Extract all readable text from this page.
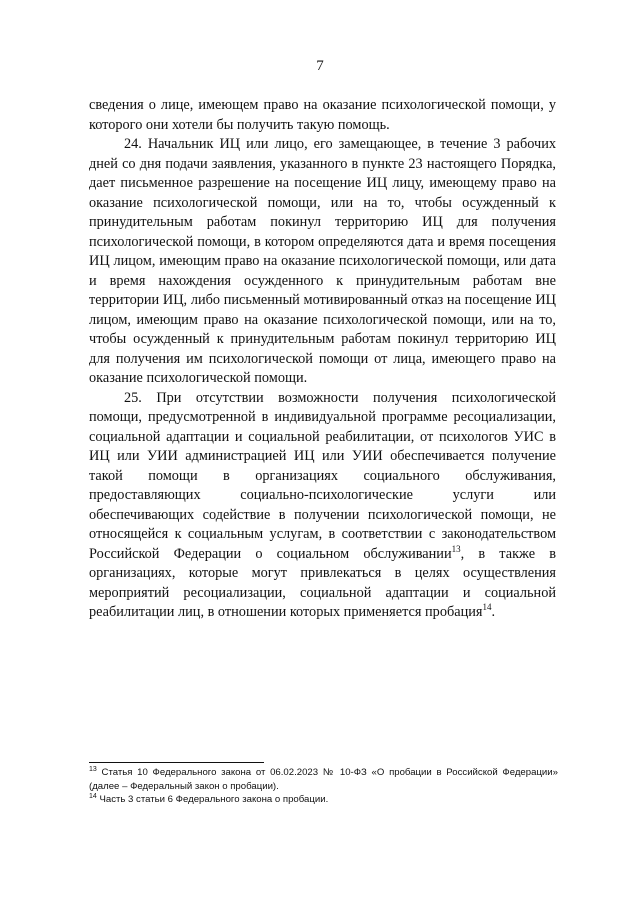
7

сведения о лице, имеющем право на оказание психологической помощи, у которого они хотели бы получить такую помощь.

24. Начальник ИЦ или лицо, его замещающее, в течение 3 рабочих дней со дня подачи заявления, указанного в пункте 23 настоящего Порядка, дает письменное разрешение на посещение ИЦ лицу, имеющему право на оказание психологической помощи, или на то, чтобы осужденный к принудительным работам покинул территорию ИЦ для получения психологической помощи, в котором определяются дата и время посещения ИЦ лицом, имеющим право на оказание психологической помощи, или дата и время нахождения осужденного к принудительным работам вне территории ИЦ, либо письменный мотивированный отказ на посещение ИЦ лицом, имеющим право на оказание психологической помощи, или на то, чтобы осужденный к принудительным работам покинул территорию ИЦ для получения им психологической помощи от лица, имеющего право на оказание психологической помощи.

25. При отсутствии возможности получения психологической помощи, предусмотренной в индивидуальной программе ресоциализации, социальной адаптации и социальной реабилитации, от психологов УИС в ИЦ или УИИ администрацией ИЦ или УИИ обеспечивается получение такой помощи в организациях социального обслуживания, предоставляющих социально-психологические услуги или обеспечивающих содействие в получении психологической помощи, не относящейся к социальным услугам, в соответствии с законодательством Российской Федерации о социальном обслуживании$^{13}$, в также в организациях, которые могут привлекаться в целях осуществления мероприятий ресоциализации, социальной адаптации и социальной реабилитации лиц, в отношении которых применяется пробация$^{14}$.

$^{13}$ Статья 10 Федерального закона от 06.02.2023 № 10-ФЗ «О пробации в Российской Федерации» (далее – Федеральный закон о пробации).

$^{14}$ Часть 3 статьи 6 Федерального закона о пробации.
